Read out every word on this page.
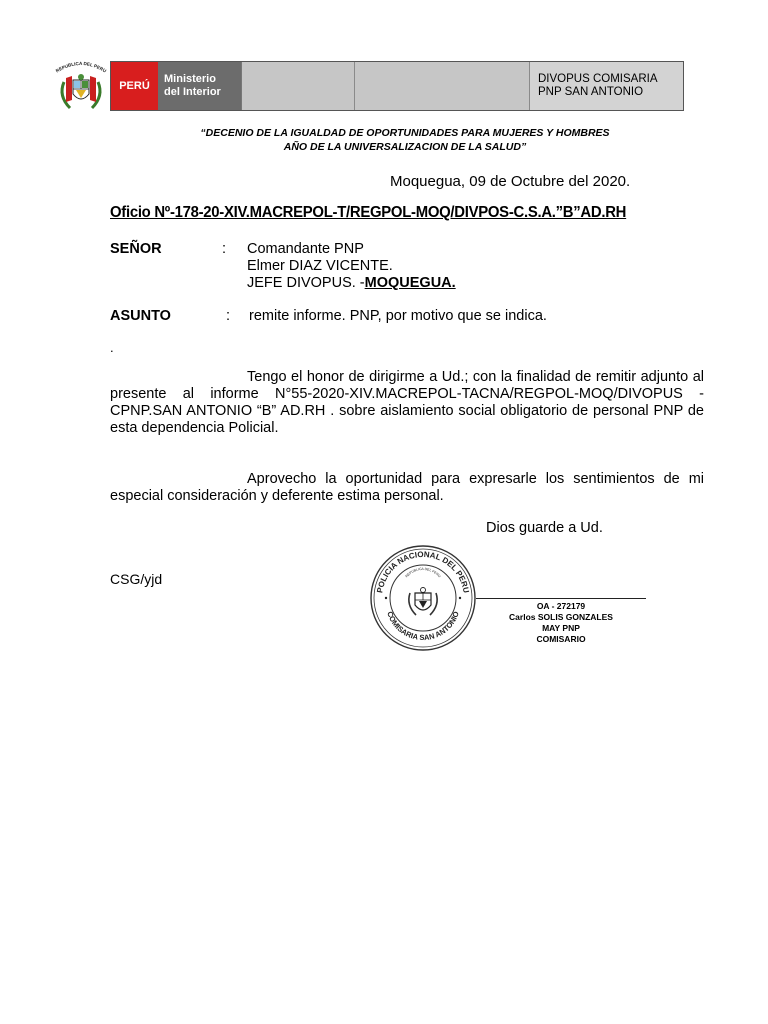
REPUBLICA DEL PERU
PERÚ
Ministerio
del Interior
DIVOPUS COMISARIA
PNP SAN ANTONIO
“DECENIO DE LA IGUALDAD DE OPORTUNIDADES PARA MUJERES Y HOMBRES
AÑO DE LA UNIVERSALIZACION DE LA SALUD”
Moquegua, 09 de Octubre del 2020.
Oficio Nº-178-20-XIV.MACREPOL-T/REGPOL-MOQ/DIVPOS-C.S.A.”B”AD.RH
SEÑOR	: Comandante PNP
Elmer DIAZ VICENTE.
JEFE DIVOPUS. -MOQUEGUA.
ASUNTO	: remite informe. PNP, por motivo que se indica.
.
Tengo el honor de dirigirme a Ud.; con la finalidad de remitir adjunto al presente al informe N°55-2020-XIV.MACREPOL-TACNA/REGPOL-MOQ/DIVOPUS -CPNP.SAN ANTONIO “B” AD.RH . sobre aislamiento social obligatorio de personal PNP de esta dependencia Policial.
Aprovecho la oportunidad para expresarle los sentimientos de mi especial consideración y deferente estima personal.
Dios guarde a Ud.
CSG/yjd
POLICIA NACIONAL DEL PERU
COMISARIA SAN ANTONIO
REPUBLICA DEL PERU
OA - 272179
Carlos SOLIS GONZALES
MAY PNP
COMISARIO
